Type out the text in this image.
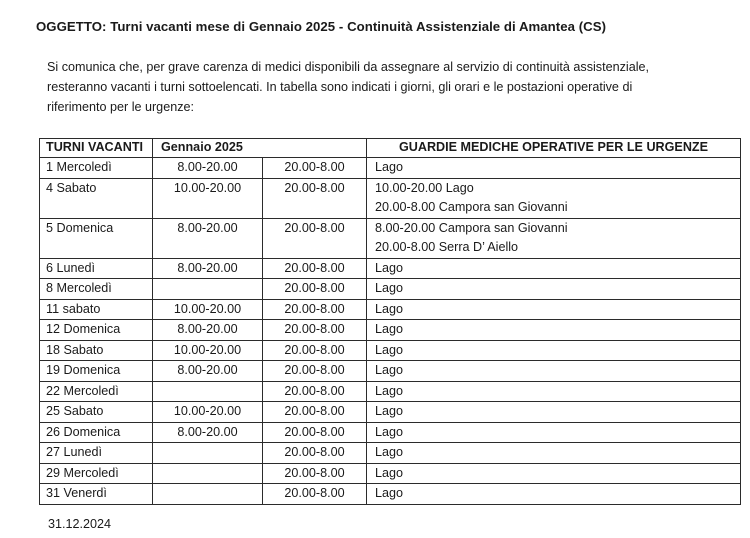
OGGETTO: Turni vacanti mese di Gennaio 2025 - Continuità Assistenziale di Amantea (CS)
Si comunica che, per grave carenza di medici disponibili da assegnare al servizio di continuità assistenziale,
resteranno vacanti i turni sottoelencati. In tabella sono indicati i giorni, gli orari e le postazioni operative di
riferimento per le urgenze:
TURNI VACANTI	Gennaio 2025		GUARDIE MEDICHE OPERATIVE PER LE URGENZE
1 Mercoledì	8.00-20.00	20.00-8.00	Lago

4 Sabato	10.00-20.00	20.00-8.00	10.00-20.00 Lago
20.00-8.00 Campora san Giovanni

5 Domenica	8.00-20.00	20.00-8.00	8.00-20.00 Campora san Giovanni
20.00-8.00 Serra D’ Aiello

6 Lunedì	8.00-20.00	20.00-8.00	Lago

8 Mercoledì		20.00-8.00	Lago

11 sabato	10.00-20.00	20.00-8.00	Lago

12 Domenica	8.00-20.00	20.00-8.00	Lago

18 Sabato	10.00-20.00	20.00-8.00	Lago

19 Domenica	8.00-20.00	20.00-8.00	Lago

22 Mercoledì		20.00-8.00	Lago

25 Sabato	10.00-20.00	20.00-8.00	Lago

26 Domenica	8.00-20.00	20.00-8.00	Lago

27 Lunedì		20.00-8.00	Lago

29 Mercoledì		20.00-8.00	Lago

31 Venerdì		20.00-8.00	Lago
31.12.2024
